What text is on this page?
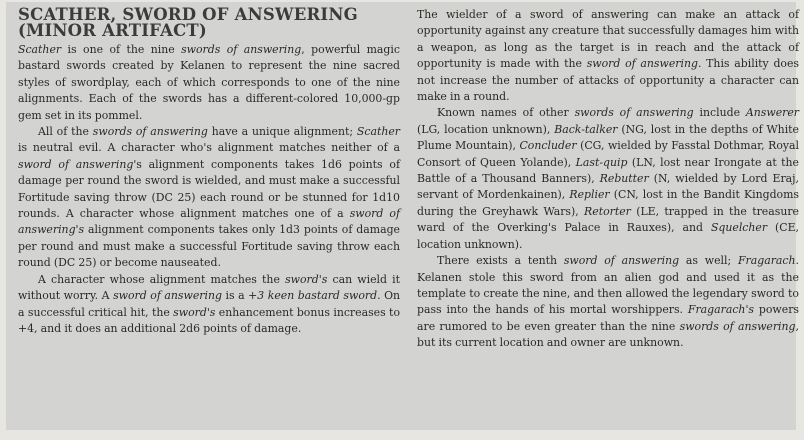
SCATHER, SWORD OF ANSWERING
(MINOR ARTIFACT)

Scather is one of the nine swords of answering, powerful magic bastard swords created by Kelanen to represent the nine sacred styles of swordplay, each of which corresponds to one of the nine alignments. Each of the swords has a different-colored 10,000-gp gem set in its pommel.

All of the swords of answering have a unique alignment; Scather is neutral evil. A character who's alignment matches neither of a sword of answering's alignment components takes 1d6 points of damage per round the sword is wielded, and must make a successful Fortitude saving throw (DC 25) each round or be stunned for 1d10 rounds. A character whose alignment matches one of a sword of answering's alignment components takes only 1d3 points of damage per round and must make a successful Fortitude saving throw each round (DC 25) or become nauseated.

A character whose alignment matches the sword's can wield it without worry. A sword of answering is a +3 keen bastard sword. On a successful critical hit, the sword's enhancement bonus increases to +4, and it does an additional 2d6 points of damage.

The wielder of a sword of answering can make an attack of opportunity against any creature that successfully damages him with a weapon, as long as the target is in reach and the attack of opportunity is made with the sword of answering. This ability does not increase the number of attacks of opportunity a character can make in a round.

Known names of other swords of answering include Answerer (LG, location unknown), Back-talker (NG, lost in the depths of White Plume Mountain), Concluder (CG, wielded by Fasstal Dothmar, Royal Consort of Queen Yolande), Last-quip (LN, lost near Irongate at the Battle of a Thousand Banners), Rebutter (N, wielded by Lord Eraj, servant of Mordenkainen), Replier (CN, lost in the Bandit Kingdoms during the Greyhawk Wars), Retorter (LE, trapped in the treasure ward of the Overking's Palace in Rauxes), and Squelcher (CE, location unknown).

There exists a tenth sword of answering as well; Fragarach. Kelanen stole this sword from an alien god and used it as the template to create the nine, and then allowed the legendary sword to pass into the hands of his mortal worshippers. Fragarach's powers are rumored to be even greater than the nine swords of answering, but its current location and owner are unknown.
